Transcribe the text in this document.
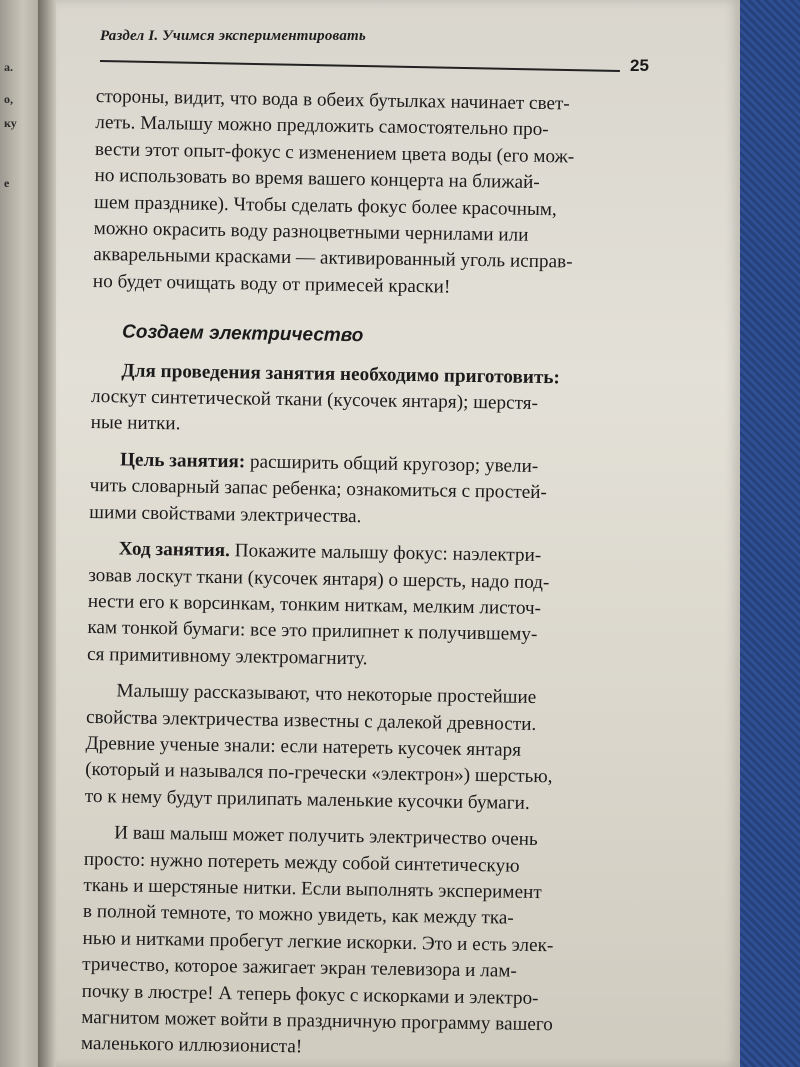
а.
о,
ку
е
Раздел I. Учимся экспериментировать
25

стороны, видит, что вода в обеих бутылках начинает свет-
леть. Малышу можно предложить самостоятельно про-
вести этот опыт-фокус с изменением цвета воды (его мож-
но использовать во время вашего концерта на ближай-
шем празднике). Чтобы сделать фокус более красочным,
можно окрасить воду разноцветными чернилами или
акварельными красками — активированный уголь исправ-
но будет очищать воду от примесей краски!

Создаем электричество

Для проведения занятия необходимо приготовить:
лоскут синтетической ткани (кусочек янтаря); шерстя-
ные нитки.

Цель занятия: расширить общий кругозор; увели-
чить словарный запас ребенка; ознакомиться с простей-
шими свойствами электричества.

Ход занятия. Покажите малышу фокус: наэлектри-
зовав лоскут ткани (кусочек янтаря) о шерсть, надо под-
нести его к ворсинкам, тонким ниткам, мелким листоч-
кам тонкой бумаги: все это прилипнет к получившему-
ся примитивному электромагниту.

Малышу рассказывают, что некоторые простейшие
свойства электричества известны с далекой древности.
Древние ученые знали: если натереть кусочек янтаря
(который и назывался по-гречески «электрон») шерстью,
то к нему будут прилипать маленькие кусочки бумаги.

И ваш малыш может получить электричество очень
просто: нужно потереть между собой синтетическую
ткань и шерстяные нитки. Если выполнять эксперимент
в полной темноте, то можно увидеть, как между тка-
нью и нитками пробегут легкие искорки. Это и есть элек-
тричество, которое зажигает экран телевизора и лам-
почку в люстре! А теперь фокус с искорками и электро-
магнитом может войти в праздничную программу вашего
маленького иллюзиониста!
